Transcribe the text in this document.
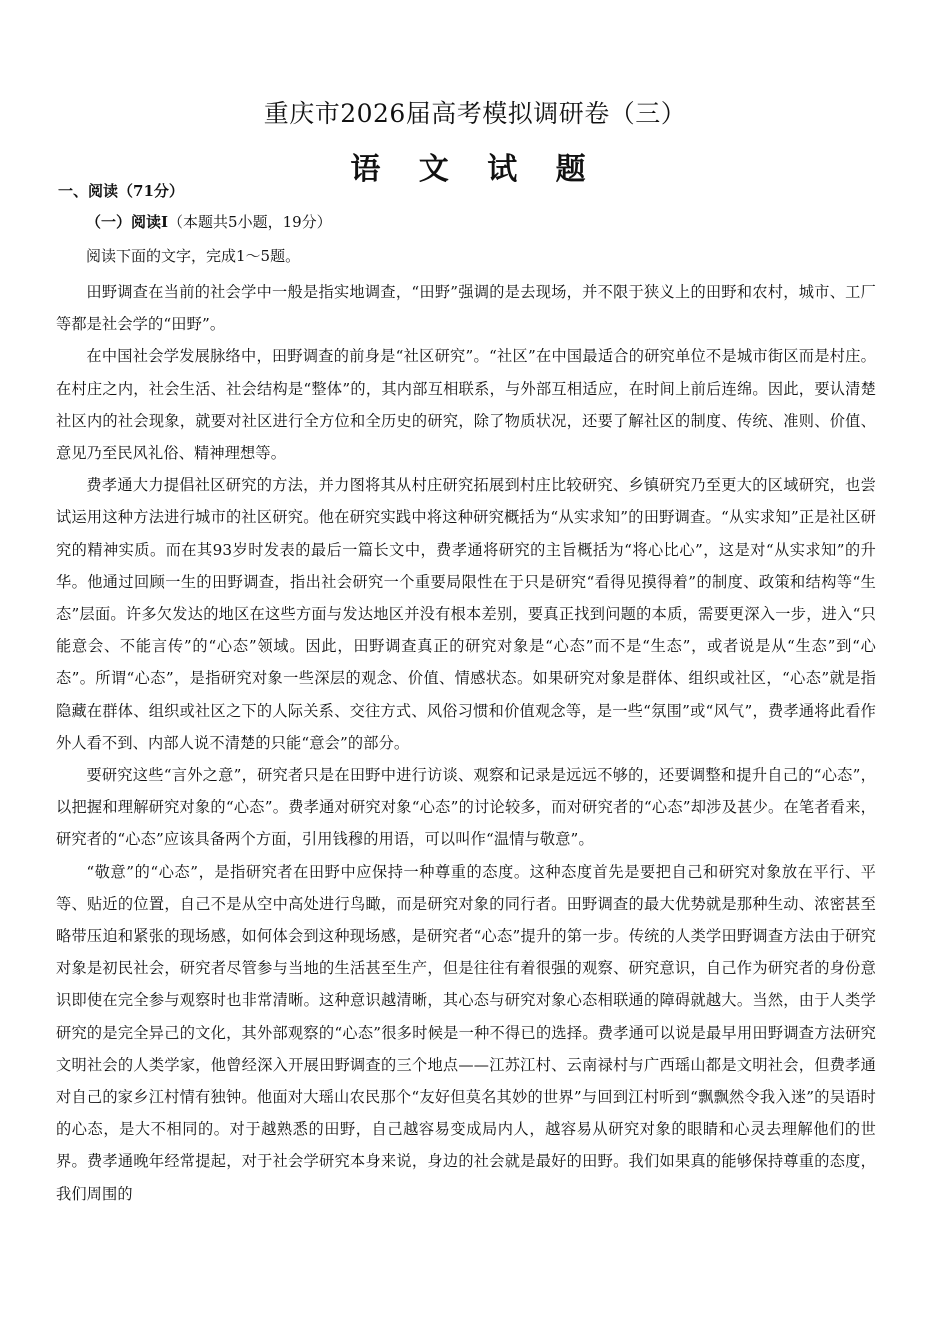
重庆市2026届高考模拟调研卷（三）
语 文 试 题
一、阅读（71分）
（一）阅读Ⅰ（本题共5小题，19分）
阅读下面的文字，完成1～5题。

田野调查在当前的社会学中一般是指实地调查，“田野”强调的是去现场，并不限于狭义上的田野和农村，城市、工厂等都是社会学的“田野”。

在中国社会学发展脉络中，田野调查的前身是“社区研究”。“社区”在中国最适合的研究单位不是城市街区而是村庄。在村庄之内，社会生活、社会结构是“整体”的，其内部互相联系，与外部互相适应，在时间上前后连绵。因此，要认清楚社区内的社会现象，就要对社区进行全方位和全历史的研究，除了物质状况，还要了解社区的制度、传统、准则、价值、意见乃至民风礼俗、精神理想等。

费孝通大力提倡社区研究的方法，并力图将其从村庄研究拓展到村庄比较研究、乡镇研究乃至更大的区域研究，也尝试运用这种方法进行城市的社区研究。他在研究实践中将这种研究概括为“从实求知”的田野调查。“从实求知”正是社区研究的精神实质。而在其93岁时发表的最后一篇长文中，费孝通将研究的主旨概括为“将心比心”，这是对“从实求知”的升华。他通过回顾一生的田野调查，指出社会研究一个重要局限性在于只是研究“看得见摸得着”的制度、政策和结构等“生态”层面。许多欠发达的地区在这些方面与发达地区并没有根本差别，要真正找到问题的本质，需要更深入一步，进入“只能意会、不能言传”的“心态”领域。因此，田野调查真正的研究对象是“心态”而不是“生态”，或者说是从“生态”到“心态”。所谓“心态”，是指研究对象一些深层的观念、价值、情感状态。如果研究对象是群体、组织或社区，“心态”就是指隐藏在群体、组织或社区之下的人际关系、交往方式、风俗习惯和价值观念等，是一些“氛围”或“风气”，费孝通将此看作外人看不到、内部人说不清楚的只能“意会”的部分。

要研究这些“言外之意”，研究者只是在田野中进行访谈、观察和记录是远远不够的，还要调整和提升自己的“心态”，以把握和理解研究对象的“心态”。费孝通对研究对象“心态”的讨论较多，而对研究者的“心态”却涉及甚少。在笔者看来，研究者的“心态”应该具备两个方面，引用钱穆的用语，可以叫作“温情与敬意”。

“敬意”的“心态”，是指研究者在田野中应保持一种尊重的态度。这种态度首先是要把自己和研究对象放在平行、平等、贴近的位置，自己不是从空中高处进行鸟瞰，而是研究对象的同行者。田野调查的最大优势就是那种生动、浓密甚至略带压迫和紧张的现场感，如何体会到这种现场感，是研究者“心态”提升的第一步。传统的人类学田野调查方法由于研究对象是初民社会，研究者尽管参与当地的生活甚至生产，但是往往有着很强的观察、研究意识，自己作为研究者的身份意识即使在完全参与观察时也非常清晰。这种意识越清晰，其心态与研究对象心态相联通的障碍就越大。当然，由于人类学研究的是完全异己的文化，其外部观察的“心态”很多时候是一种不得已的选择。费孝通可以说是最早用田野调查方法研究文明社会的人类学家，他曾经深入开展田野调查的三个地点——江苏江村、云南禄村与广西瑶山都是文明社会，但费孝通对自己的家乡江村情有独钟。他面对大瑶山农民那个“友好但莫名其妙的世界”与回到江村听到“飘飘然令我入迷”的吴语时的心态，是大不相同的。对于越熟悉的田野，自己越容易变成局内人，越容易从研究对象的眼睛和心灵去理解他们的世界。费孝通晚年经常提起，对于社会学研究本身来说，身边的社会就是最好的田野。我们如果真的能够保持尊重的态度，我们周围的
